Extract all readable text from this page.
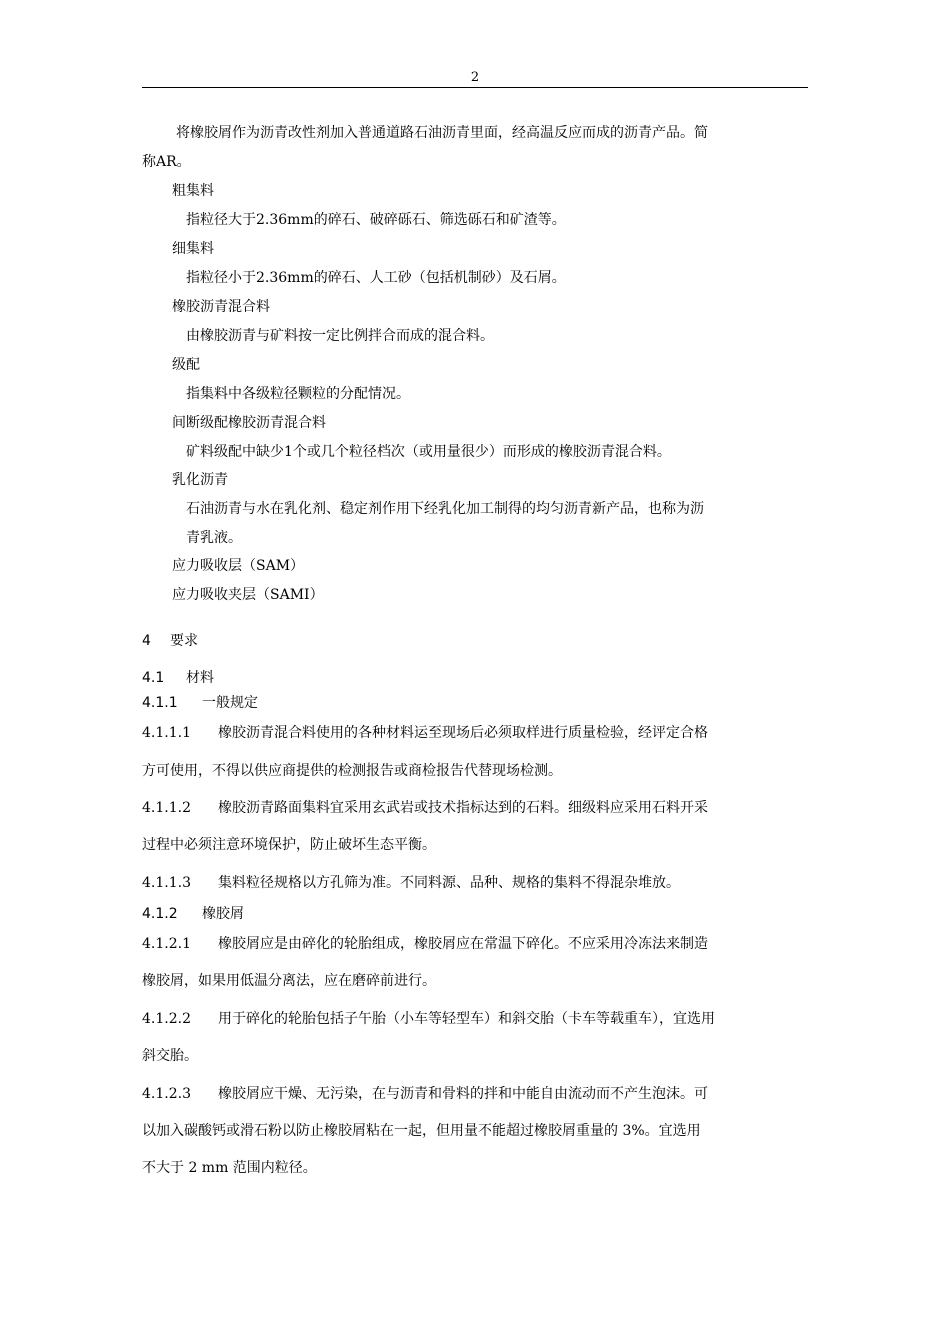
2
将橡胶屑作为沥青改性剂加入普通道路石油沥青里面，经高温反应而成的沥青产品。简
称AR。
粗集料
指粒径大于2.36mm的碎石、破碎砾石、筛选砾石和矿渣等。
细集料
指粒径小于2.36mm的碎石、人工砂（包括机制砂）及石屑。
橡胶沥青混合料
由橡胶沥青与矿料按一定比例拌合而成的混合料。
级配
指集料中各级粒径颗粒的分配情况。
间断级配橡胶沥青混合料
矿料级配中缺少1个或几个粒径档次（或用量很少）而形成的橡胶沥青混合料。
乳化沥青
石油沥青与水在乳化剂、稳定剂作用下经乳化加工制得的均匀沥青新产品，也称为沥
青乳液。
应力吸收层（SAM）
应力吸收夹层（SAMI）
4 要求
4.1 材料
4.1.1 一般规定
4.1.1.1 橡胶沥青混合料使用的各种材料运至现场后必须取样进行质量检验，经评定合格
方可使用，不得以供应商提供的检测报告或商检报告代替现场检测。
4.1.1.2 橡胶沥青路面集料宜采用玄武岩或技术指标达到的石料。细级料应采用石料开采
过程中必须注意环境保护，防止破坏生态平衡。
4.1.1.3 集料粒径规格以方孔筛为准。不同料源、品种、规格的集料不得混杂堆放。
4.1.2 橡胶屑
4.1.2.1 橡胶屑应是由碎化的轮胎组成，橡胶屑应在常温下碎化。不应采用冷冻法来制造
橡胶屑，如果用低温分离法，应在磨碎前进行。
4.1.2.2 用于碎化的轮胎包括子午胎（小车等轻型车）和斜交胎（卡车等载重车），宜选用
斜交胎。
4.1.2.3 橡胶屑应干燥、无污染，在与沥青和骨料的拌和中能自由流动而不产生泡沫。可
以加入碳酸钙或滑石粉以防止橡胶屑粘在一起，但用量不能超过橡胶屑重量的 3%。宜选用
不大于 2 mm 范围内粒径。
